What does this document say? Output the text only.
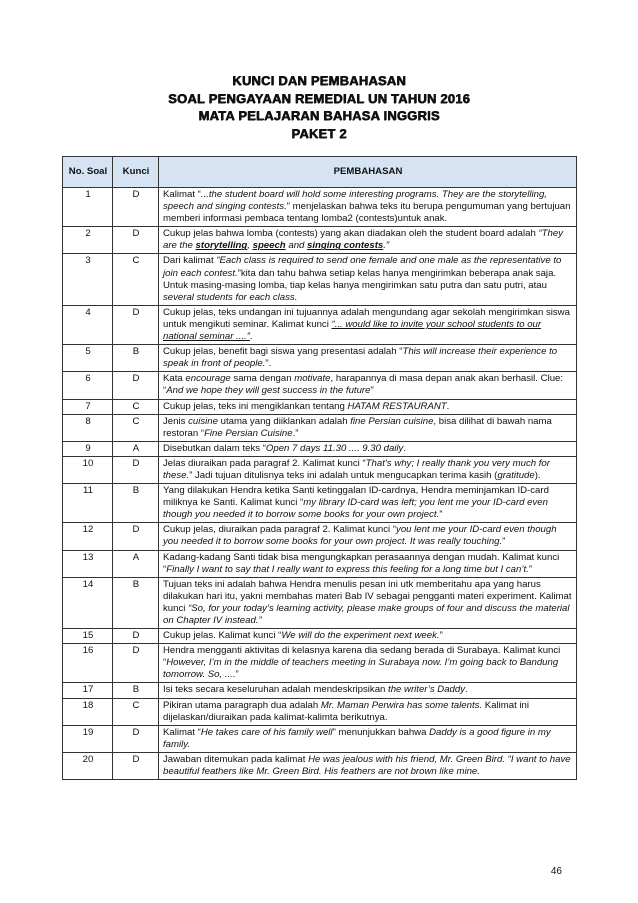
KUNCI DAN PEMBAHASAN
SOAL PENGAYAAN REMEDIAL UN TAHUN 2016
MATA PELAJARAN BAHASA INGGRIS
PAKET 2
No. Soal	Kunci	PEMBAHASAN
1	D	Kalimat “...the student board will hold some interesting programs. They are the storytelling, speech and singing contests.” menjelaskan bahwa teks itu berupa pengumuman yang bertujuan memberi informasi pembaca tentang lomba2 (contests)untuk anak.
2	D	Cukup jelas bahwa lomba (contests) yang akan diadakan oleh the student board adalah “They are the storytelling, speech and singing contests.”
3	C	Dari kalimat “Each class is required to send one female and one male as the representative to join each contest.”kita dan tahu bahwa setiap kelas hanya mengirimkan beberapa anak saja. Untuk masing-masing lomba, tiap kelas hanya mengirimkan satu putra dan satu putri, atau several students for each class.
4	D	Cukup jelas, teks undangan ini tujuannya adalah mengundang agar sekolah mengirimkan siswa untuk mengikuti seminar. Kalimat kunci “... would like to invite your school students to our national seminar ....”.
5	B	Cukup jelas, benefit bagi siswa yang presentasi adalah “This will increase their experience to speak in front of people.”.
6	D	Kata encourage sama dengan motivate, harapannya di masa depan anak akan berhasil. Clue: “And we hope they will gest success in the future”
7	C	Cukup jelas, teks ini mengiklankan tentang HATAM RESTAURANT.
8	C	Jenis cuisine utama yang diiklankan adalah fine Persian cuisine, bisa dilihat di bawah nama restoran “Fine Persian Cuisine.”
9	A	Disebutkan dalam teks “Open 7 days 11.30 .... 9.30 daily.
10	D	Jelas diuraikan pada paragraf 2. Kalimat kunci “That’s why; I really thank you very much for these.” Jadi tujuan ditulisnya teks ini adalah untuk mengucapkan terima kasih (gratitude).
11	B	Yang dilakukan Hendra ketika Santi ketinggalan ID-cardnya, Hendra meminjamkan ID-card miliknya ke Santi. Kalimat kunci “my library ID-card was left; you lent me your ID-card even though you needed it to borrow some books for your own project.”
12	D	Cukup jelas, diuraikan pada paragraf 2. Kalimat kunci “you lent me your ID-card even though you needed it to borrow some books for your own project. It was really touching.”
13	A	Kadang-kadang Santi tidak bisa mengungkapkan perasaannya dengan mudah. Kalimat kunci “Finally I want to say that I really want to express this feeling for a long time but I can’t.”
14	B	Tujuan teks ini adalah bahwa Hendra menulis pesan ini utk memberitahu apa yang harus dilakukan hari itu, yakni membahas materi Bab IV sebagai pengganti materi experiment. Kalimat kunci “So, for your today’s learning activity, please make groups of four and discuss the material on Chapter IV instead.”
15	D	Cukup jelas. Kalimat kunci “We will do the experiment next week.”
16	D	Hendra mengganti aktivitas di kelasnya karena dia sedang berada di Surabaya. Kalimat kunci “However, I’m in the middle of teachers meeting in Surabaya now. I’m going back to Bandung tomorrow. So, ....”
17	B	Isi teks secara keseluruhan adalah mendeskripsikan the writer’s Daddy.
18	C	Pikiran utama paragraph dua adalah Mr. Maman Perwira has some talents. Kalimat ini dijelaskan/diuraikan pada kalimat-kalimta berikutnya.
19	D	Kalimat “He takes care of his family well” menunjukkan bahwa Daddy is a good figure in my family.
20	D	Jawaban ditemukan pada kalimat He was jealous with his friend, Mr. Green Bird. “I want to have beautiful feathers like Mr. Green Bird. His feathers are not brown like mine.
46
